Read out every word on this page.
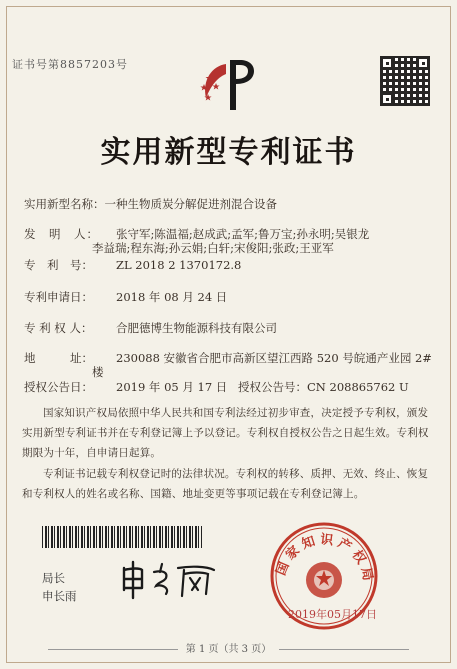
证书号第8857203号
实用新型专利证书
实用新型名称：一种生物质炭分解促进剂混合设备
发　明　人： 张守军;陈温福;赵成武;孟军;鲁万宝;孙永明;吴银龙
李益瑞;程东海;孙云娟;白轩;宋俊阳;张政;王亚军
专　利　号： ZL 2018 2 1370172.8
专利申请日： 2018 年 08 月 24 日
专 利 权 人： 合肥德博生物能源科技有限公司
地　　　址： 230088 安徽省合肥市高新区望江西路 520 号皖通产业园 2#
楼
授权公告日： 2019 年 05 月 17 日 授权公告号：CN 208865762 U
国家知识产权局依照中华人民共和国专利法经过初步审查，决定授予专利权，颁发实用新型专利证书并在专利登记簿上予以登记。专利权自授权公告之日起生效。专利权期限为十年，自申请日起算。
专利证书记载专利权登记时的法律状况。专利权的转移、质押、无效、终止、恢复和专利权人的姓名或名称、国籍、地址变更等事项记载在专利登记簿上。
局长
申长雨
国家知识产权局
2019年05月17日
第 1 页（共 3 页）
